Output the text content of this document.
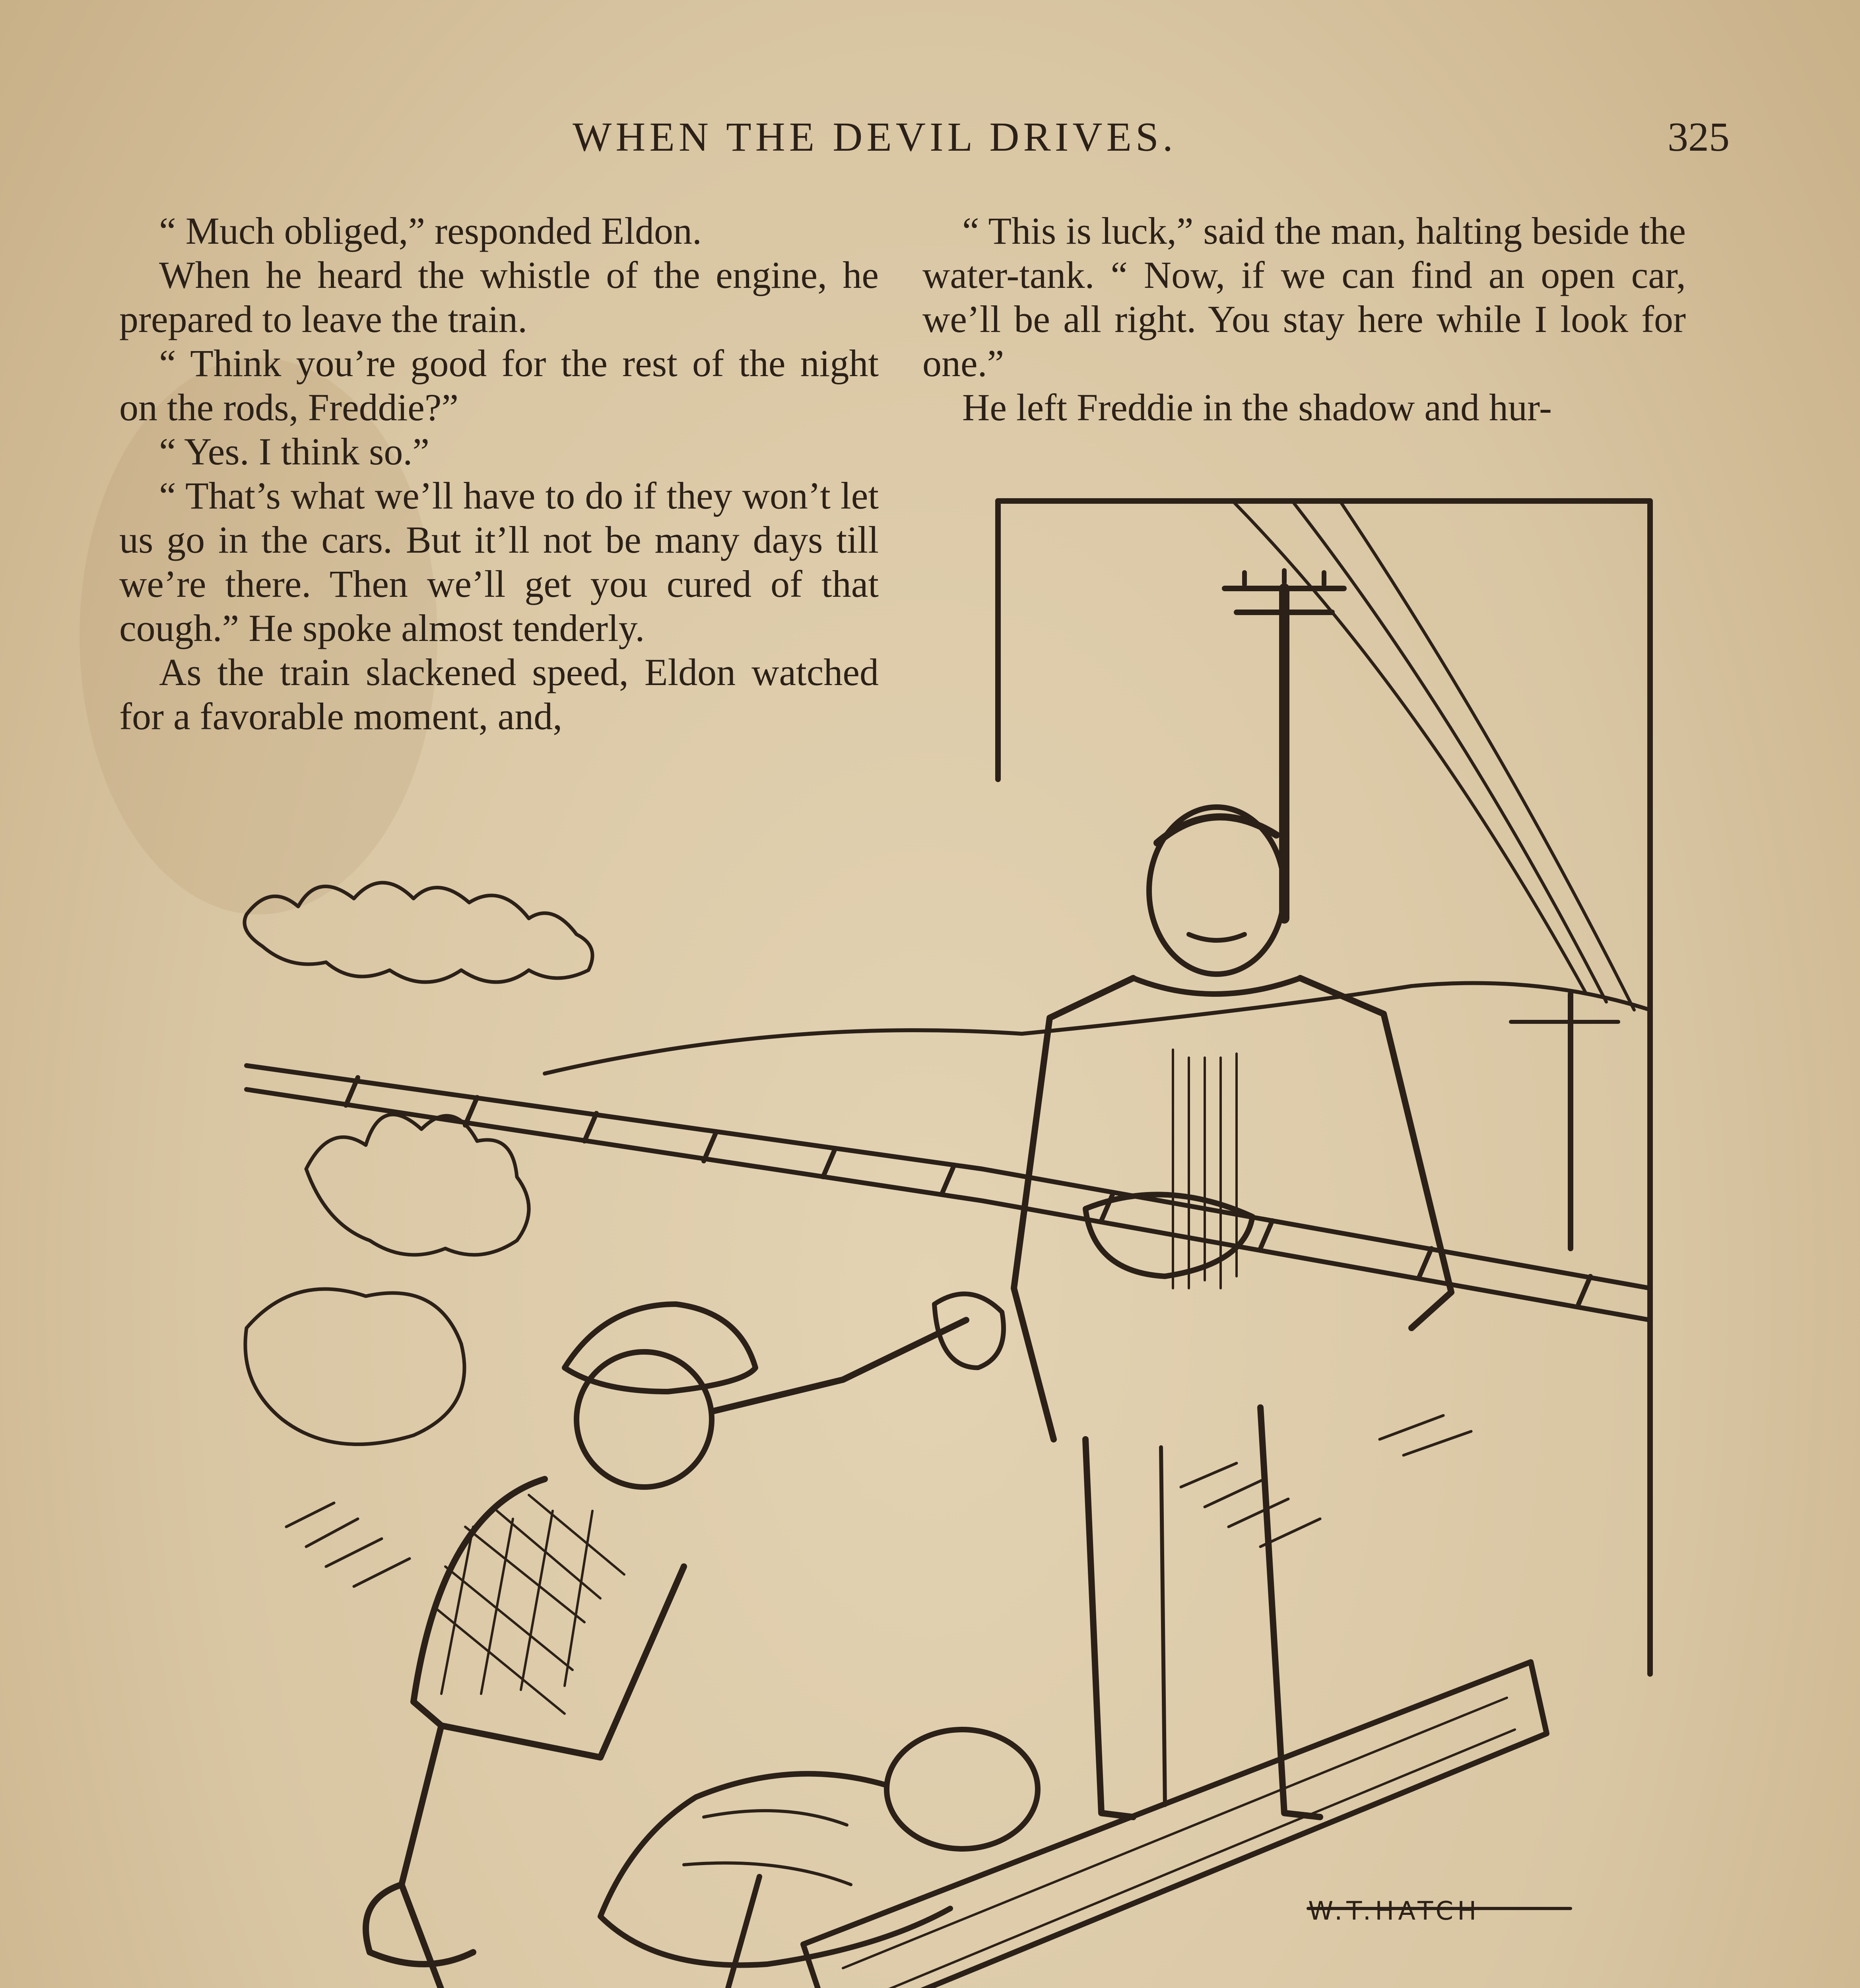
WHEN THE DEVIL DRIVES.	325

“ Much obliged,” responded Eldon.

When he heard the whistle of the engine, he prepared to leave the train.

“ Think you’re good for the rest of the night on the rods, Freddie?”

“ Yes. I think so.”

“ That’s what we’ll have to do if they won’t let us go in the cars. But it’ll not be many days till we’re there. Then we’ll get you cured of that cough.” He spoke almost tenderly.

As the train slackened speed, Eldon watched for a favorable moment, and,

“ This is luck,” said the man, halting beside the water-tank. “ Now, if we can find an open car, we’ll be all right. You stay here while I look for one.”

He left Freddie in the shadow and hur-

W.T.HATCH
